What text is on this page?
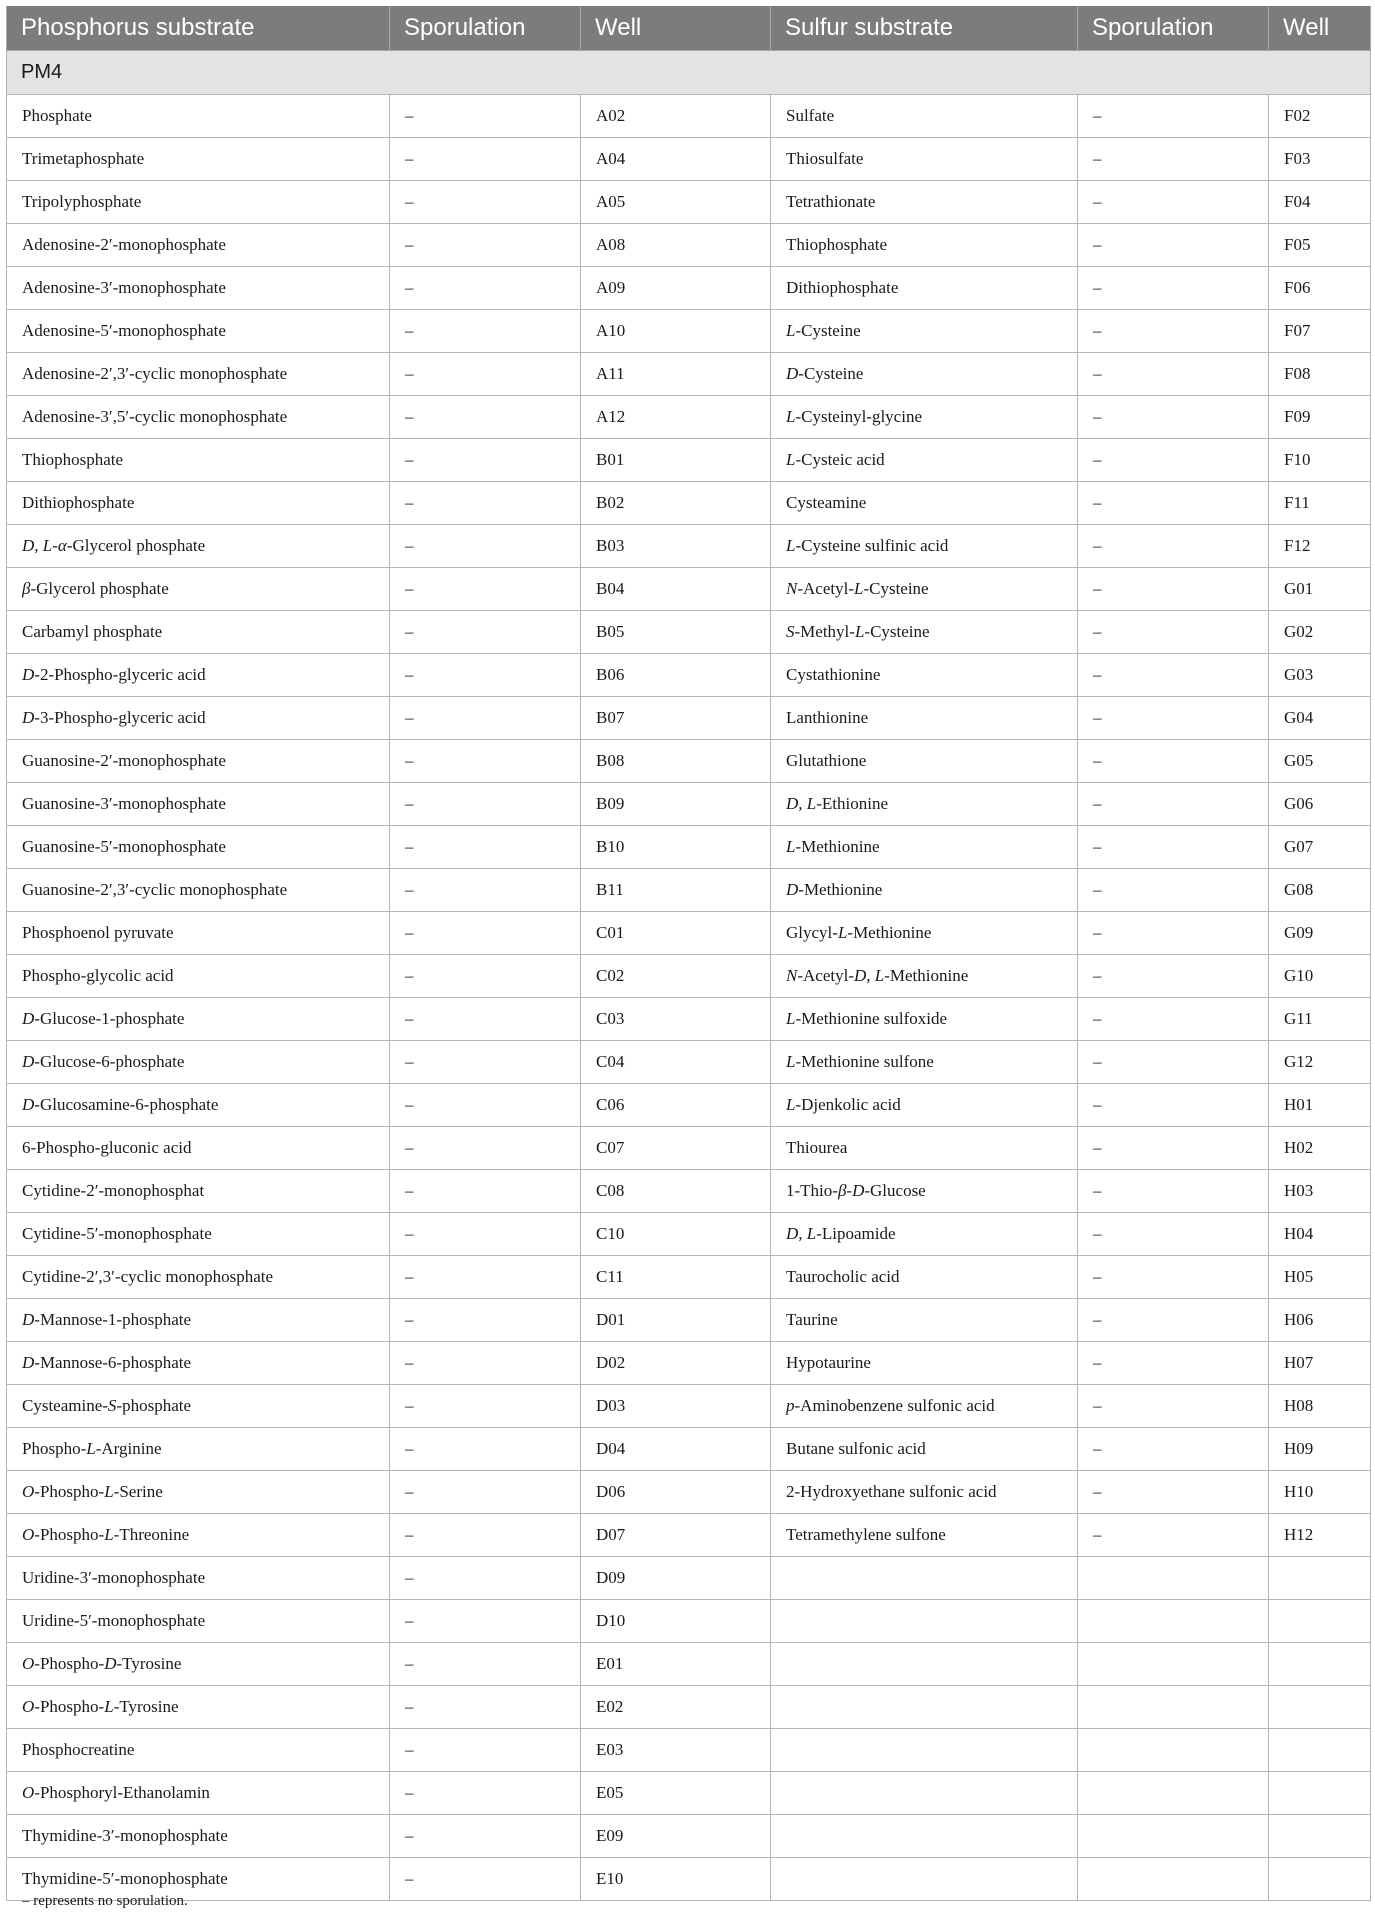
Phosphorus substrate	Sporulation	Well	Sulfur substrate	Sporulation	Well
PM4					
Phosphate	–	A02	Sulfate	–	F02
Trimetaphosphate	–	A04	Thiosulfate	–	F03
Tripolyphosphate	–	A05	Tetrathionate	–	F04
Adenosine-2′-monophosphate	–	A08	Thiophosphate	–	F05
Adenosine-3′-monophosphate	–	A09	Dithiophosphate	–	F06
Adenosine-5′-monophosphate	–	A10	L-Cysteine	–	F07
Adenosine-2′,3′-cyclic monophosphate	–	A11	D-Cysteine	–	F08
Adenosine-3′,5′-cyclic monophosphate	–	A12	L-Cysteinyl-glycine	–	F09
Thiophosphate	–	B01	L-Cysteic acid	–	F10
Dithiophosphate	–	B02	Cysteamine	–	F11
D, L-α-Glycerol phosphate	–	B03	L-Cysteine sulfinic acid	–	F12
β-Glycerol phosphate	–	B04	N-Acetyl-L-Cysteine	–	G01
Carbamyl phosphate	–	B05	S-Methyl-L-Cysteine	–	G02
D-2-Phospho-glyceric acid	–	B06	Cystathionine	–	G03
D-3-Phospho-glyceric acid	–	B07	Lanthionine	–	G04
Guanosine-2′-monophosphate	–	B08	Glutathione	–	G05
Guanosine-3′-monophosphate	–	B09	D, L-Ethionine	–	G06
Guanosine-5′-monophosphate	–	B10	L-Methionine	–	G07
Guanosine-2′,3′-cyclic monophosphate	–	B11	D-Methionine	–	G08
Phosphoenol pyruvate	–	C01	Glycyl-L-Methionine	–	G09
Phospho-glycolic acid	–	C02	N-Acetyl-D, L-Methionine	–	G10
D-Glucose-1-phosphate	–	C03	L-Methionine sulfoxide	–	G11
D-Glucose-6-phosphate	–	C04	L-Methionine sulfone	–	G12
D-Glucosamine-6-phosphate	–	C06	L-Djenkolic acid	–	H01
6-Phospho-gluconic acid	–	C07	Thiourea	–	H02
Cytidine-2′-monophosphat	–	C08	1-Thio-β-D-Glucose	–	H03
Cytidine-5′-monophosphate	–	C10	D, L-Lipoamide	–	H04
Cytidine-2′,3′-cyclic monophosphate	–	C11	Taurocholic acid	–	H05
D-Mannose-1-phosphate	–	D01	Taurine	–	H06
D-Mannose-6-phosphate	–	D02	Hypotaurine	–	H07
Cysteamine-S-phosphate	–	D03	p-Aminobenzene sulfonic acid	–	H08
Phospho-L-Arginine	–	D04	Butane sulfonic acid	–	H09
O-Phospho-L-Serine	–	D06	2-Hydroxyethane sulfonic acid	–	H10
O-Phospho-L-Threonine	–	D07	Tetramethylene sulfone	–	H12
Uridine-3′-monophosphate	–	D09			
Uridine-5′-monophosphate	–	D10			
O-Phospho-D-Tyrosine	–	E01			
O-Phospho-L-Tyrosine	–	E02			
Phosphocreatine	–	E03			
O-Phosphoryl-Ethanolamin	–	E05			
Thymidine-3′-monophosphate	–	E09			
Thymidine-5′-monophosphate	–	E10			
– represents no sporulation.
